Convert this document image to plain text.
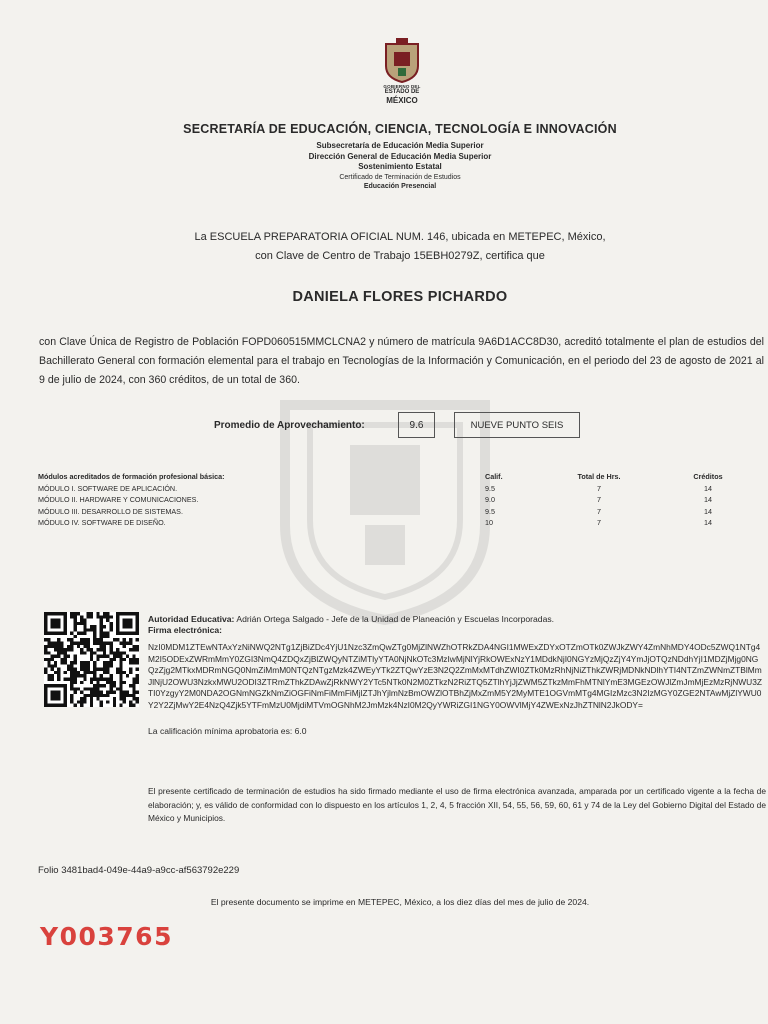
GOBIERNO DEL
ESTADO DE
MÉXICO
SECRETARÍA DE EDUCACIÓN, CIENCIA, TECNOLOGÍA E INNOVACIÓN
Subsecretaría de Educación Media Superior
Dirección General de Educación Media Superior
Sostenimiento Estatal
Certificado de Terminación de Estudios
Educación Presencial
La ESCUELA PREPARATORIA OFICIAL NUM. 146, ubicada en METEPEC, México,
con Clave de Centro de Trabajo 15EBH0279Z, certifica que
DANIELA FLORES PICHARDO
con Clave Única de Registro de Población FOPD060515MMCLCNA2 y número de matrícula 9A6D1ACC8D30, acreditó totalmente el plan de estudios del Bachillerato General con formación elemental para el trabajo en Tecnologías de la Información y Comunicación, en el periodo del 23 de agosto de 2021 al 9 de julio de 2024, con 360 créditos, de un total de 360.
Promedio de Aprovechamiento:	9.6	NUEVE PUNTO SEIS
Módulos acreditados de formación profesional básica:	Calif.	Total de Hrs.	Créditos
MÓDULO I. SOFTWARE DE APLICACIÓN.	9.5	7	14
MÓDULO II. HARDWARE Y COMUNICACIONES.	9.0	7	14
MÓDULO III. DESARROLLO DE SISTEMAS.	9.5	7	14
MÓDULO IV. SOFTWARE DE DISEÑO.	10	7	14
Autoridad Educativa: Adrián Ortega Salgado - Jefe de la Unidad de Planeación y Escuelas Incorporadas.
Firma electrónica:
NzI0MDM1ZTEwNTAxYzNiNWQ2NTg1ZjBiZDc4YjU1Nzc3ZmQwZTg0MjZlNWZhOTRkZDA4NGI1MWExZDYxOTZmOTk0ZWJkZWY4ZmNhMDY4ODc5ZWQ1NTg4M2I5ODExZWRmMmY0ZGI3NmQ4ZDQxZjBlZWQyNTZiMTlyYTA0NjNkOTc3MzIwMjNlYjRkOWExNzY1MDdkNjI0NGYzMjQzZjY4YmJjOTQzNDdhYjI1MDZjMjg0NGQzZjg2MTkxMDRmNGQ0NmZiMmM0NTQzNTgzMzk4ZWEyYTk2ZTQwYzE3N2Q2ZmMxMTdhZWI0ZTk0MzRhNjNiZThkZWRjMDNkNDlhYTI4NTZmZWNmZTBlMmJlNjU2OWU3NzkxMWU2ODI3ZTRmZThkZDAwZjRkNWY2YTc5NTk0N2M0ZTkzN2RiZTQ5ZTlhYjJjZWM5ZTkzMmFhMTNlYmE3MGEzOWJlZmJmMjEzMzRjNWU3ZTI0YzgyY2M0NDA2OGNmNGZkNmZiOGFiNmFiMmFiMjlZTJhYjlmNzBmOWZlOTBhZjMxZmM5Y2MyMTE1OGVmMTg4MGIzMzc3N2IzMGY0ZGE2NTAwMjZlYWU0Y2Y2ZjMwY2E4NzQ4Zjk5YTFmMzU0MjdiMTVmOGNhM2JmMzk4NzI0M2QyYWRiZGI1NGY0OWVlMjY4ZWExNzJhZTNlN2JkODY=
La calificación mínima aprobatoria es: 6.0
El presente certificado de terminación de estudios ha sido firmado mediante el uso de firma electrónica avanzada, amparada por un certificado vigente a la fecha de elaboración; y, es válido de conformidad con lo dispuesto en los artículos 1, 2, 4, 5 fracción XII, 54, 55, 56, 59, 60, 61 y 74 de la Ley del Gobierno Digital del Estado de México y Municipios.
Folio 3481bad4-049e-44a9-a9cc-af563792e229
El presente documento se imprime en METEPEC, México, a los diez días del mes de julio de 2024.
Y003765
